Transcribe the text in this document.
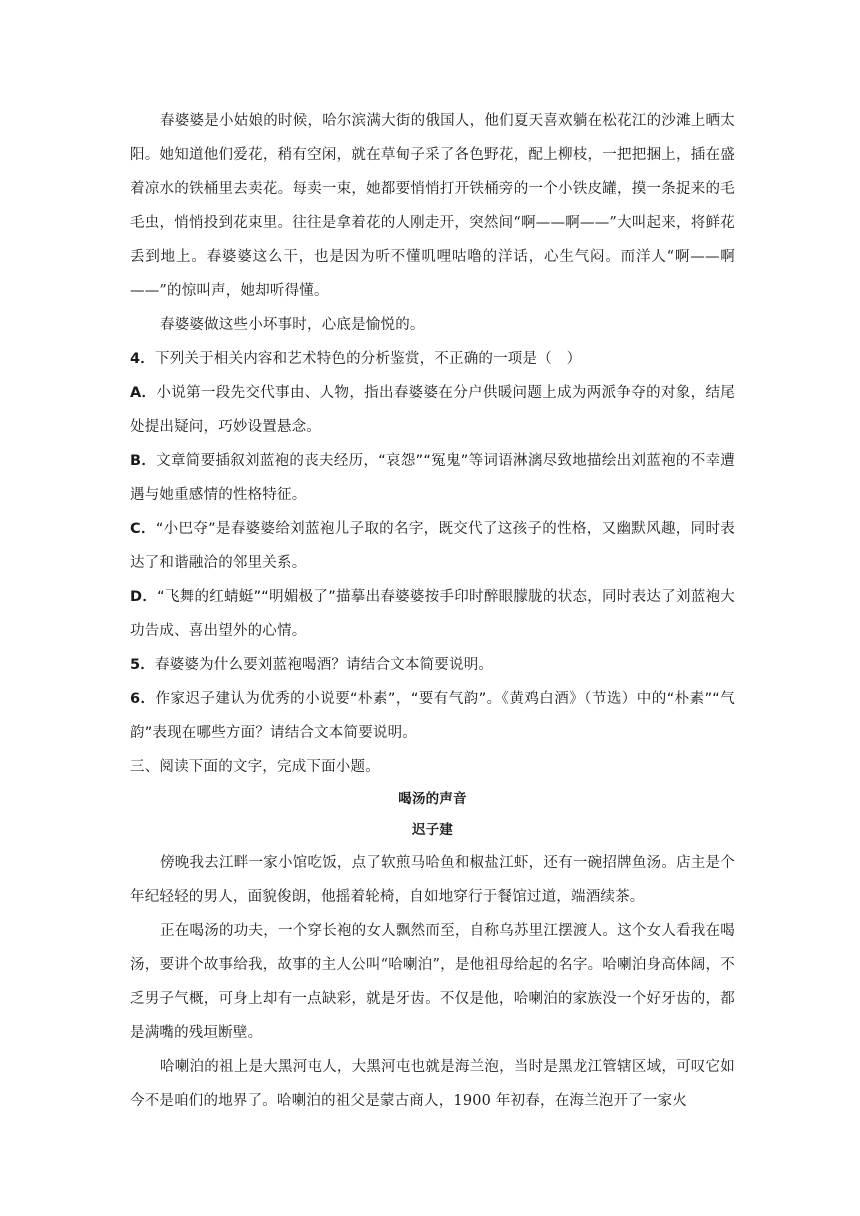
春婆婆是小姑娘的时候，哈尔滨满大街的俄国人，他们夏天喜欢躺在松花江的沙滩上晒太阳。她知道他们爱花，稍有空闲，就在草甸子采了各色野花，配上柳枝，一把把捆上，插在盛着凉水的铁桶里去卖花。每卖一束，她都要悄悄打开铁桶旁的一个小铁皮罐，摸一条捉来的毛毛虫，悄悄投到花束里。往往是拿着花的人刚走开，突然间“啊——啊——”大叫起来，将鲜花丢到地上。春婆婆这么干，也是因为听不懂叽哩咕噜的洋话，心生气闷。而洋人“啊——啊——”的惊叫声，她却听得懂。

春婆婆做这些小坏事时，心底是愉悦的。

4．下列关于相关内容和艺术特色的分析鉴赏，不正确的一项是（　）

A．小说第一段先交代事由、人物，指出春婆婆在分户供暖问题上成为两派争夺的对象，结尾处提出疑问，巧妙设置悬念。

B．文章简要插叙刘蓝袍的丧夫经历，“哀怨”“冤鬼”等词语淋漓尽致地描绘出刘蓝袍的不幸遭遇与她重感情的性格特征。

C．“小巴夺”是春婆婆给刘蓝袍儿子取的名字，既交代了这孩子的性格，又幽默风趣，同时表达了和谐融洽的邻里关系。

D．“飞舞的红蜻蜓”“明媚极了”描摹出春婆婆按手印时醉眼朦胧的状态，同时表达了刘蓝袍大功告成、喜出望外的心情。

5．春婆婆为什么要刘蓝袍喝酒？请结合文本简要说明。

6．作家迟子建认为优秀的小说要“朴素”，“要有气韵”。《黄鸡白酒》（节选）中的“朴素”“气韵”表现在哪些方面？请结合文本简要说明。

三、阅读下面的文字，完成下面小题。

喝汤的声音

迟子建

傍晚我去江畔一家小馆吃饭，点了软煎马哈鱼和椒盐江虾，还有一碗招牌鱼汤。店主是个年纪轻轻的男人，面貌俊朗，他摇着轮椅，自如地穿行于餐馆过道，端酒续茶。

正在喝汤的功夫，一个穿长袍的女人飘然而至，自称乌苏里江摆渡人。这个女人看我在喝汤，要讲个故事给我，故事的主人公叫“哈喇泊”，是他祖母给起的名字。哈喇泊身高体阔，不乏男子气概，可身上却有一点缺彩，就是牙齿。不仅是他，哈喇泊的家族没一个好牙齿的，都是满嘴的残垣断壁。

哈喇泊的祖上是大黑河屯人，大黑河屯也就是海兰泡，当时是黑龙江管辖区域，可叹它如今不是咱们的地界了。哈喇泊的祖父是蒙古商人，1900 年初春，在海兰泡开了一家火
